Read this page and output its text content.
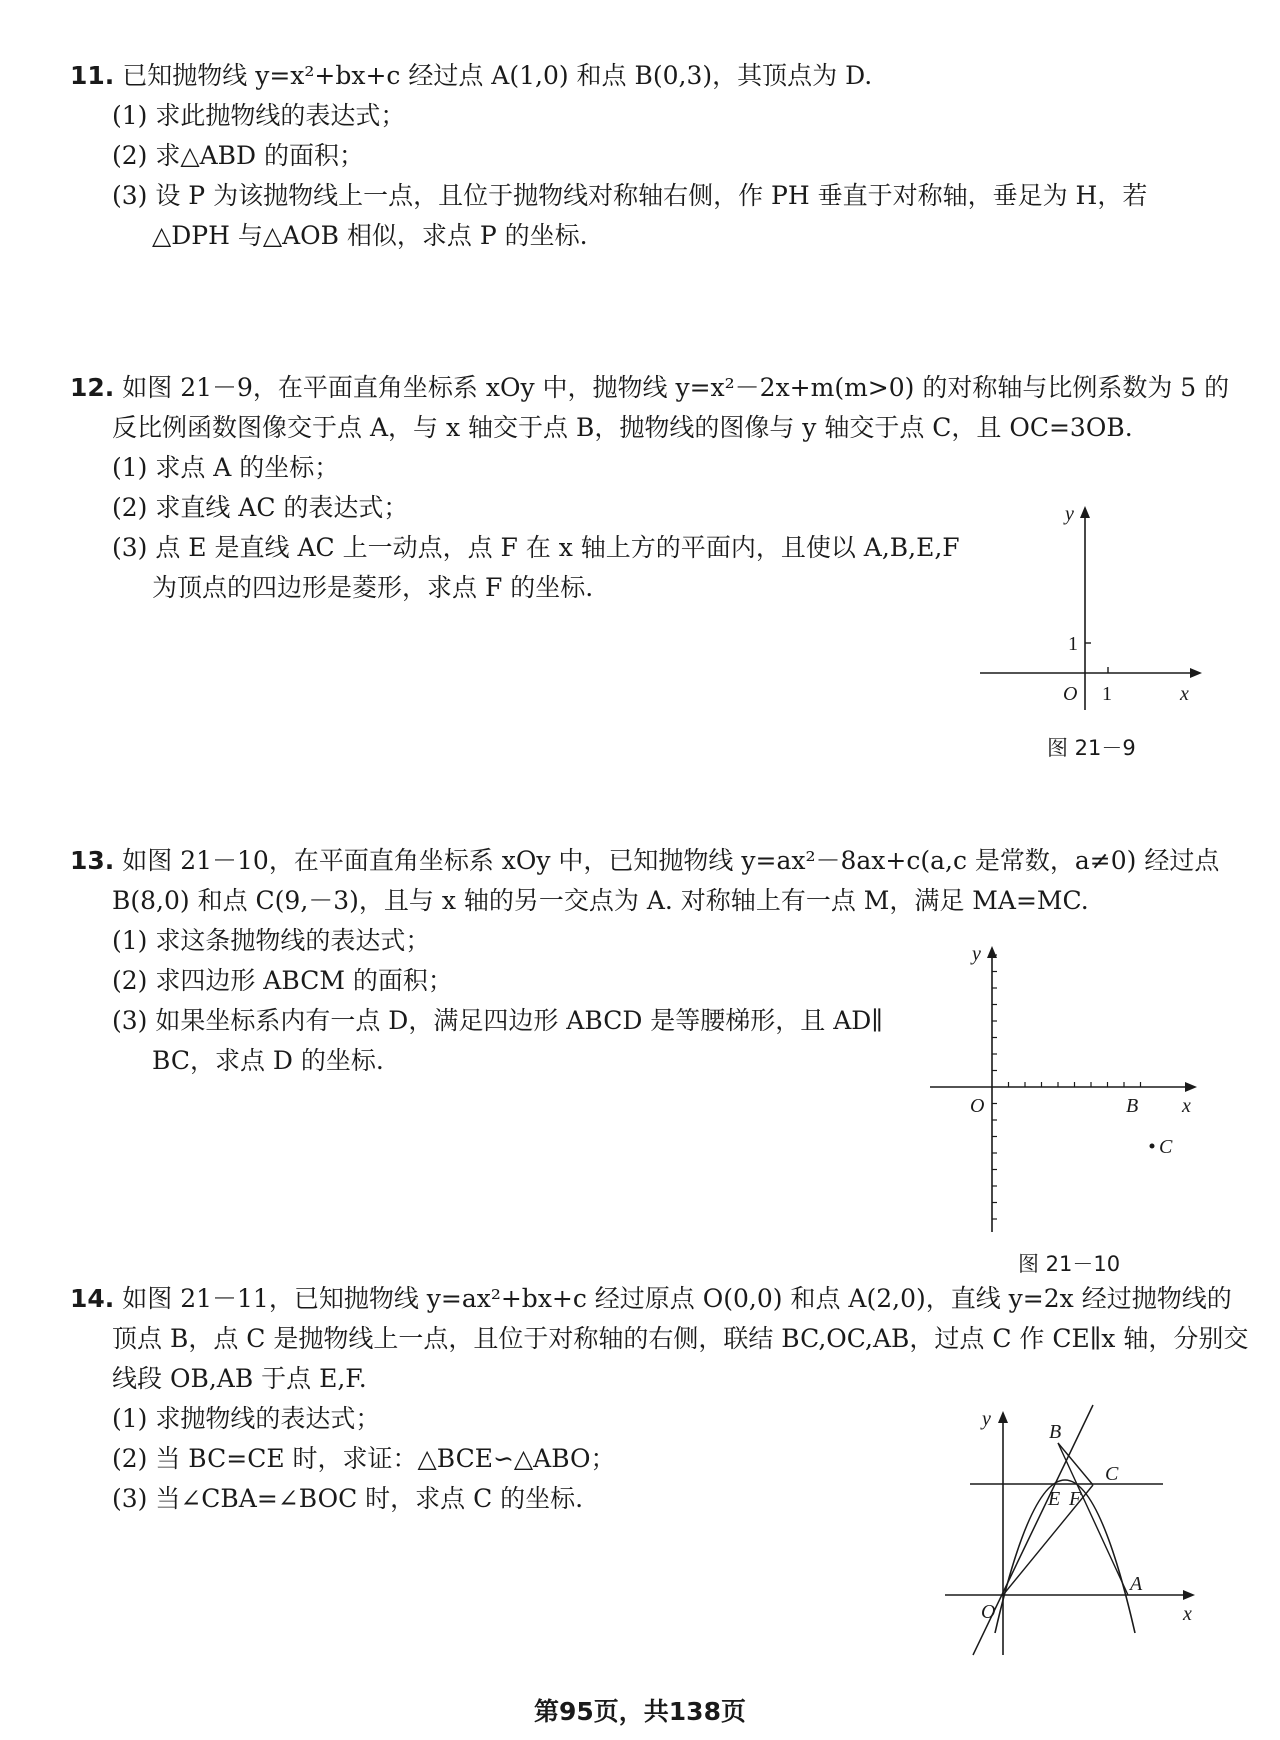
11. 已知抛物线 y=x²+bx+c 经过点 A(1,0) 和点 B(0,3)，其顶点为 D.
(1) 求此抛物线的表达式；
(2) 求△ABD 的面积；
(3) 设 P 为该抛物线上一点，且位于抛物线对称轴右侧，作 PH 垂直于对称轴，垂足为 H，若
△DPH 与△AOB 相似，求点 P 的坐标.
12. 如图 21－9，在平面直角坐标系 xOy 中，抛物线 y=x²－2x+m(m>0) 的对称轴与比例系数为 5 的
反比例函数图像交于点 A，与 x 轴交于点 B，抛物线的图像与 y 轴交于点 C，且 OC=3OB.
(1) 求点 A 的坐标；
(2) 求直线 AC 的表达式；
(3) 点 E 是直线 AC 上一动点，点 F 在 x 轴上方的平面内，且使以 A,B,E,F
为顶点的四边形是菱形，求点 F 的坐标.
y
x
O
1
1
图 21－9
13. 如图 21－10，在平面直角坐标系 xOy 中，已知抛物线 y=ax²－8ax+c(a,c 是常数，a≠0) 经过点
B(8,0) 和点 C(9,－3)，且与 x 轴的另一交点为 A. 对称轴上有一点 M，满足 MA=MC.
(1) 求这条抛物线的表达式；
(2) 求四边形 ABCM 的面积；
(3) 如果坐标系内有一点 D，满足四边形 ABCD 是等腰梯形，且 AD∥
BC，求点 D 的坐标.
y
x
O	B
C
图 21－10
14. 如图 21－11，已知抛物线 y=ax²+bx+c 经过原点 O(0,0) 和点 A(2,0)，直线 y=2x 经过抛物线的
顶点 B，点 C 是抛物线上一点，且位于对称轴的右侧，联结 BC,OC,AB，过点 C 作 CE∥x 轴，分别交
线段 OB,AB 于点 E,F.
(1) 求抛物线的表达式；
(2) 当 BC=CE 时，求证：△BCE∽△ABO；
(3) 当∠CBA=∠BOC 时，求点 C 的坐标.
y
x
O
A
B
C
E F
第95页，共138页
